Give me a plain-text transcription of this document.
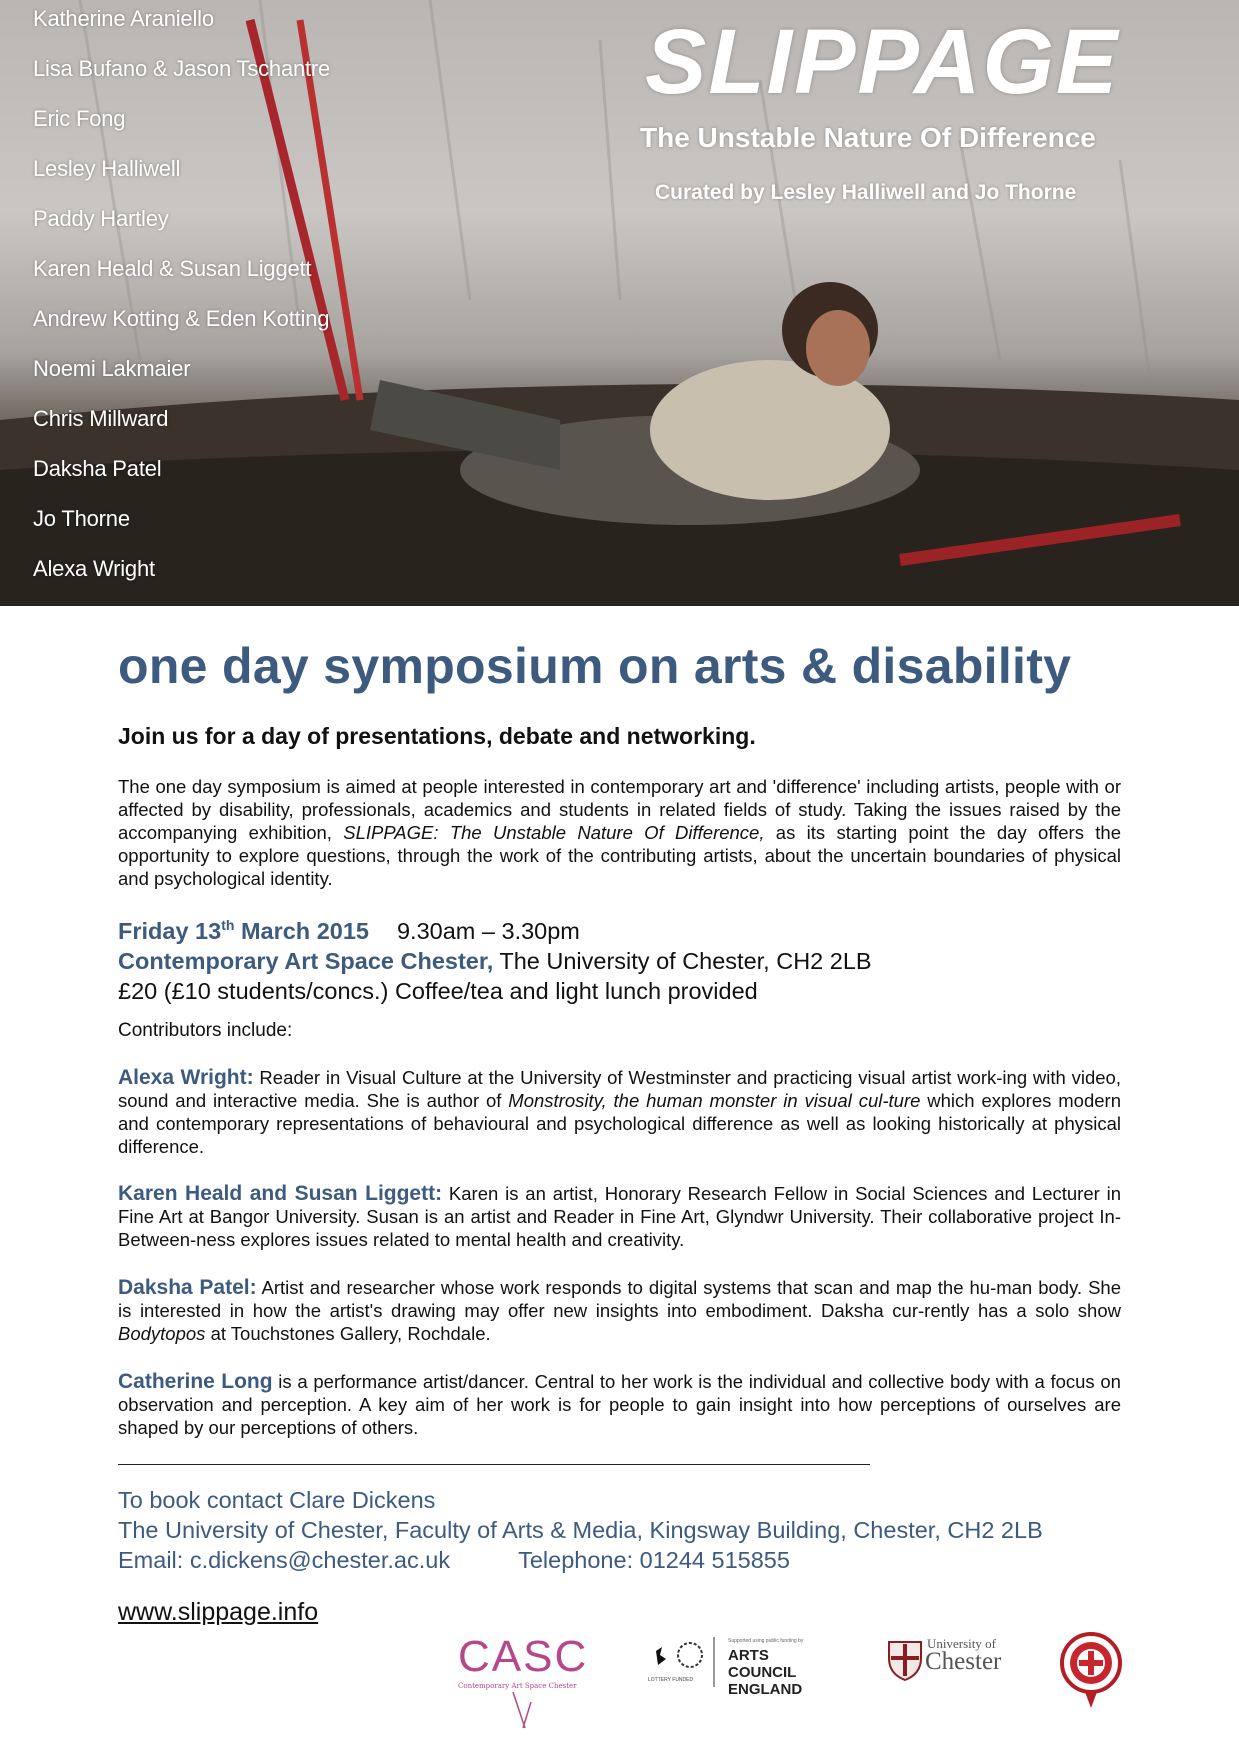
Katherine Araniello
Lisa Bufano & Jason Tschantre
Eric Fong
Lesley Halliwell
Paddy Hartley
Karen Heald & Susan Liggett
Andrew Kotting & Eden Kotting
Noemi Lakmaier
Chris Millward
Daksha Patel
Jo Thorne
Alexa Wright
SLIPPAGE
The Unstable Nature Of Difference
Curated by Lesley Halliwell and Jo Thorne
one day symposium on arts & disability
Join us for a day of presentations, debate and networking.

The one day symposium is aimed at people interested in contemporary art and 'difference' including artists, people with or affected by disability, professionals, academics and students in related fields of study. Taking the issues raised by the accompanying exhibition, SLIPPAGE: The Unstable Nature Of Difference, as its starting point the day offers the opportunity to explore questions, through the work of the contributing artists, about the uncertain boundaries of physical and psychological identity.

Friday 13th March 2015 9.30am – 3.30pm
Contemporary Art Space Chester, The University of Chester, CH2 2LB
£20 (£10 students/concs.) Coffee/tea and light lunch provided
Contributors include:

Alexa Wright: Reader in Visual Culture at the University of Westminster and practicing visual artist work-ing with video, sound and interactive media. She is author of Monstrosity, the human monster in visual cul-ture which explores modern and contemporary representations of behavioural and psychological difference as well as looking historically at physical difference.

Karen Heald and Susan Liggett: Karen is an artist, Honorary Research Fellow in Social Sciences and Lecturer in Fine Art at Bangor University. Susan is an artist and Reader in Fine Art, Glyndwr University. Their collaborative project In-Between-ness explores issues related to mental health and creativity.

Daksha Patel: Artist and researcher whose work responds to digital systems that scan and map the hu-man body. She is interested in how the artist's drawing may offer new insights into embodiment. Daksha cur-rently has a solo show Bodytopos at Touchstones Gallery, Rochdale.

Catherine Long is a performance artist/dancer. Central to her work is the individual and collective body with a focus on observation and perception. A key aim of her work is for people to gain insight into how perceptions of ourselves are shaped by our perceptions of others.

To book contact Clare Dickens
The University of Chester, Faculty of Arts & Media, Kingsway Building, Chester, CH2 2LB
Email: c.dickens@chester.ac.uk	Telephone: 01244 515855
www.slippage.info
CASC
Contemporary Art Space Chester
LOTTERY FUNDED
Supported using public funding by
ARTS COUNCIL
ENGLAND
University of
Chester
